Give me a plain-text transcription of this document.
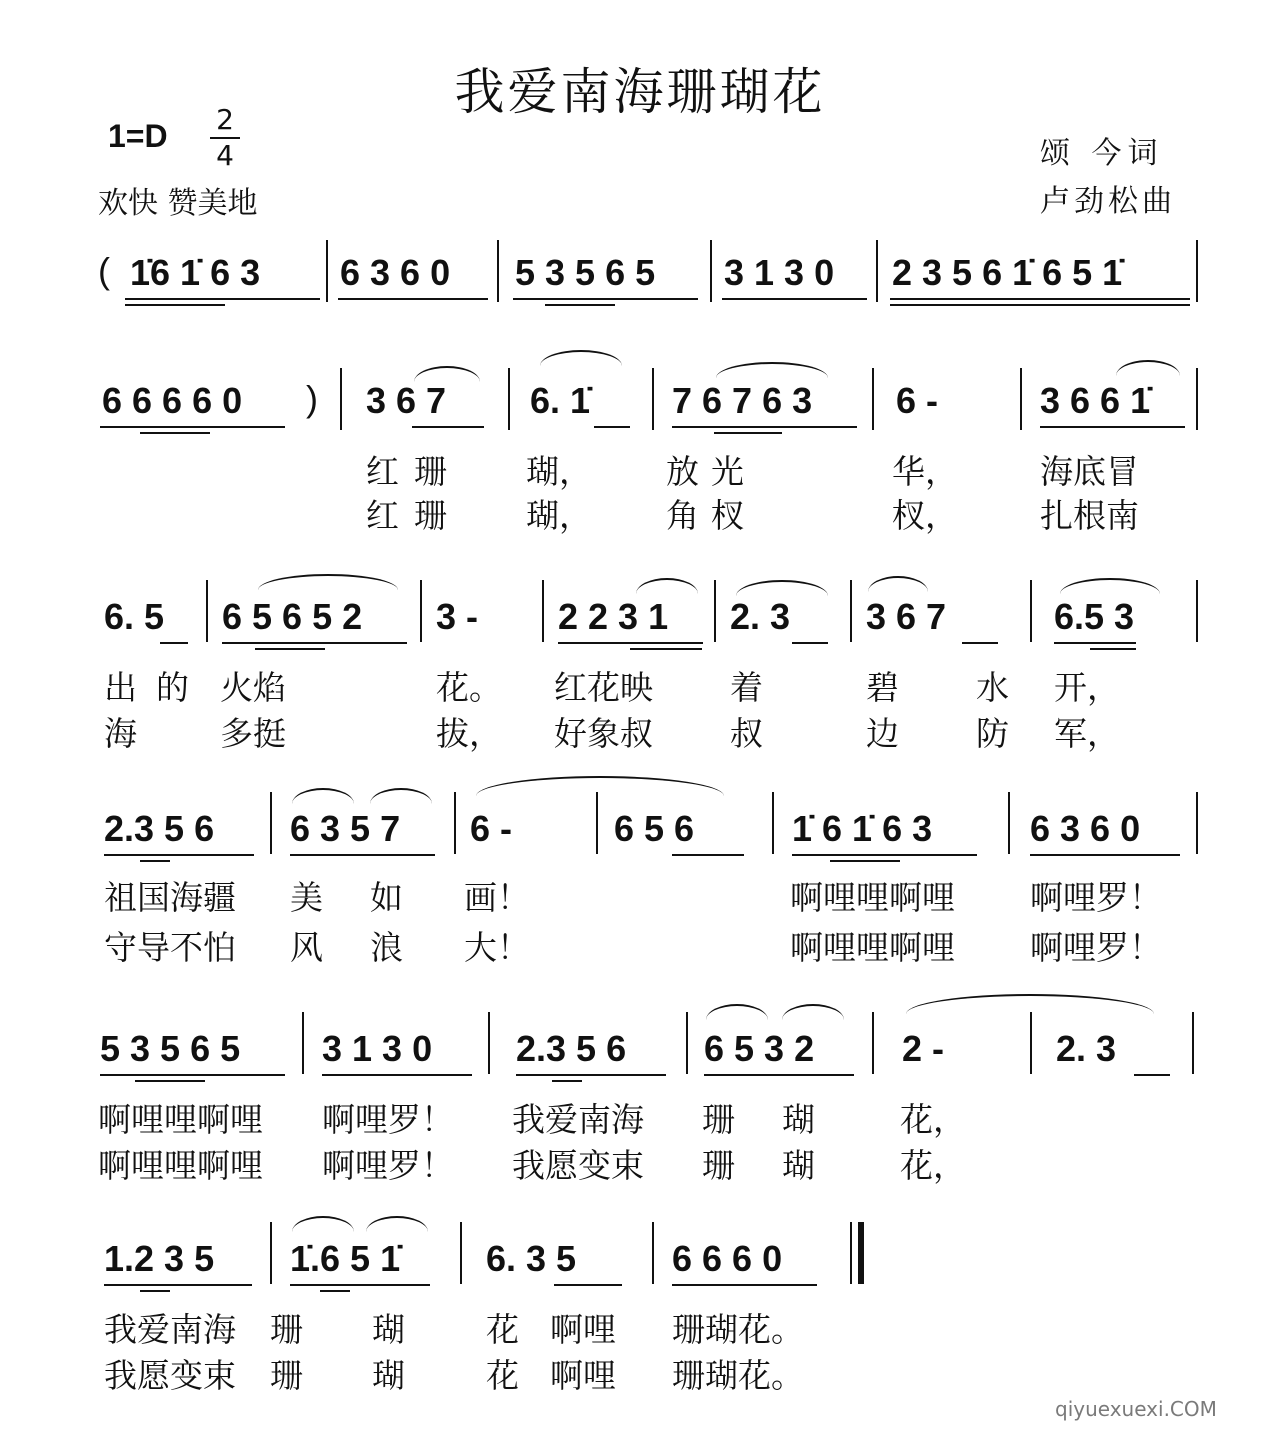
我爱南海珊瑚花
1=D 2
4
欢快 赞美地
颂 今词
卢劲松曲
( 1̇6 1̇ 6 3 6 3 6 0 5 3 5 6 5 3 1 3 0 2 3 5 6 1̇ 6 5 1̇
6 6 6 6 0 ) 3 6 7 6. 1̇ 7 6 7 6 3 6 -	3 6 6 1̇
红 珊 瑚， 放光	华， 海底冒
红 珊 瑚， 角杈	杈， 扎根南
6. 5 6 5 6 5 2 3 - 2 2 3 1 2. 3 3 6 7	6.5 3
出 的 火焰	花。 红花映 着	碧 水 开，
海	多挺	拔， 好象叔 叔	边 防 军，
2.3 5 6 6 3 5 7 6 -	6 5 6	1̇ 6 1̇ 6 3	6 3 6 0
祖国海疆 美 如 画！	啊哩哩啊哩 啊哩罗！
守导不怕 风 浪 大！	啊哩哩啊哩 啊哩罗！
5 3 5 6 5 3 1 3 0 2.3 5 6 6 5 3 2 2 -	2. 3
啊哩哩啊哩 啊哩罗！ 我爱南海 珊 瑚	花，
啊哩哩啊哩 啊哩罗！ 我愿变束 珊 瑚	花，
1.2 3 5 1̇.6 5 1̇ 6. 3 5	6 6 6 0
我爱南海 珊 瑚 花 啊哩 珊瑚花。
我愿变束 珊 瑚 花 啊哩 珊瑚花。
qiyuexuexi.COM
